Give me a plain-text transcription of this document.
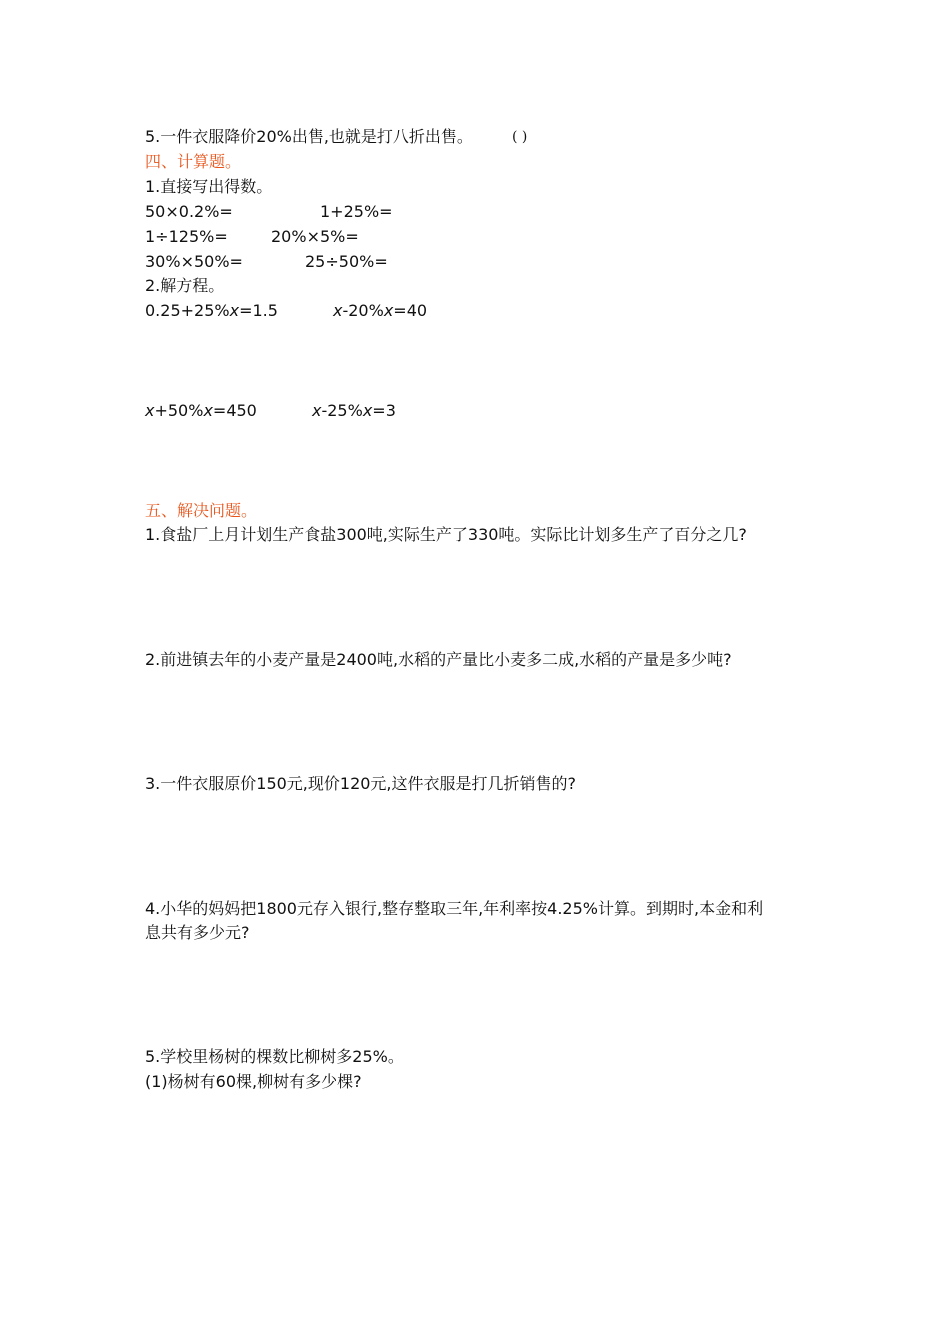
5.一件衣服降价20%出售,也就是打八折出售。	( )
四、计算题。
1.直接写出得数。
50×0.2%=	1+25%=
1÷125%=	20%×5%=
30%×50%=	25÷50%=
2.解方程。
0.25+25%x=1.5	x-20%x=40
x+50%x=450	x-25%x=3
五、解决问题。
1.食盐厂上月计划生产食盐300吨,实际生产了330吨。实际比计划多生产了百分之几?
2.前进镇去年的小麦产量是2400吨,水稻的产量比小麦多二成,水稻的产量是多少吨?
3.一件衣服原价150元,现价120元,这件衣服是打几折销售的?
4.小华的妈妈把1800元存入银行,整存整取三年,年利率按4.25%计算。到期时,本金和利
息共有多少元?
5.学校里杨树的棵数比柳树多25%。
(1)杨树有60棵,柳树有多少棵?
